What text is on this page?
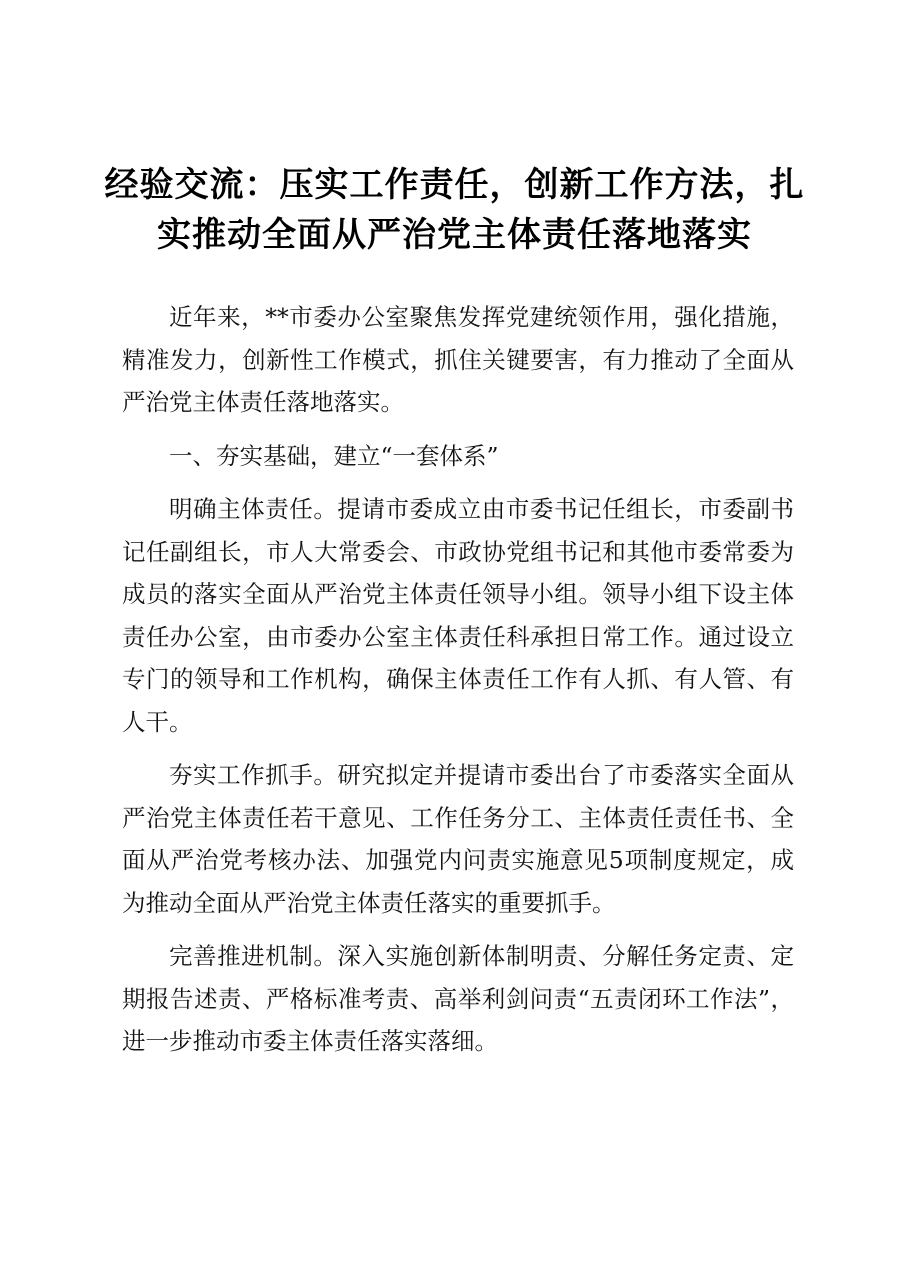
经验交流：压实工作责任，创新工作方法，扎
实推动全面从严治党主体责任落地落实

近年来，**市委办公室聚焦发挥党建统领作用，强化措施，精准发力，创新性工作模式，抓住关键要害，有力推动了全面从严治党主体责任落地落实。

一、夯实基础，建立“一套体系”

明确主体责任。提请市委成立由市委书记任组长，市委副书记任副组长，市人大常委会、市政协党组书记和其他市委常委为成员的落实全面从严治党主体责任领导小组。领导小组下设主体责任办公室，由市委办公室主体责任科承担日常工作。通过设立专门的领导和工作机构，确保主体责任工作有人抓、有人管、有人干。

夯实工作抓手。研究拟定并提请市委出台了市委落实全面从严治党主体责任若干意见、工作任务分工、主体责任责任书、全面从严治党考核办法、加强党内问责实施意见5项制度规定，成为推动全面从严治党主体责任落实的重要抓手。

完善推进机制。深入实施创新体制明责、分解任务定责、定期报告述责、严格标准考责、高举利剑问责“五责闭环工作法”，进一步推动市委主体责任落实落细。
